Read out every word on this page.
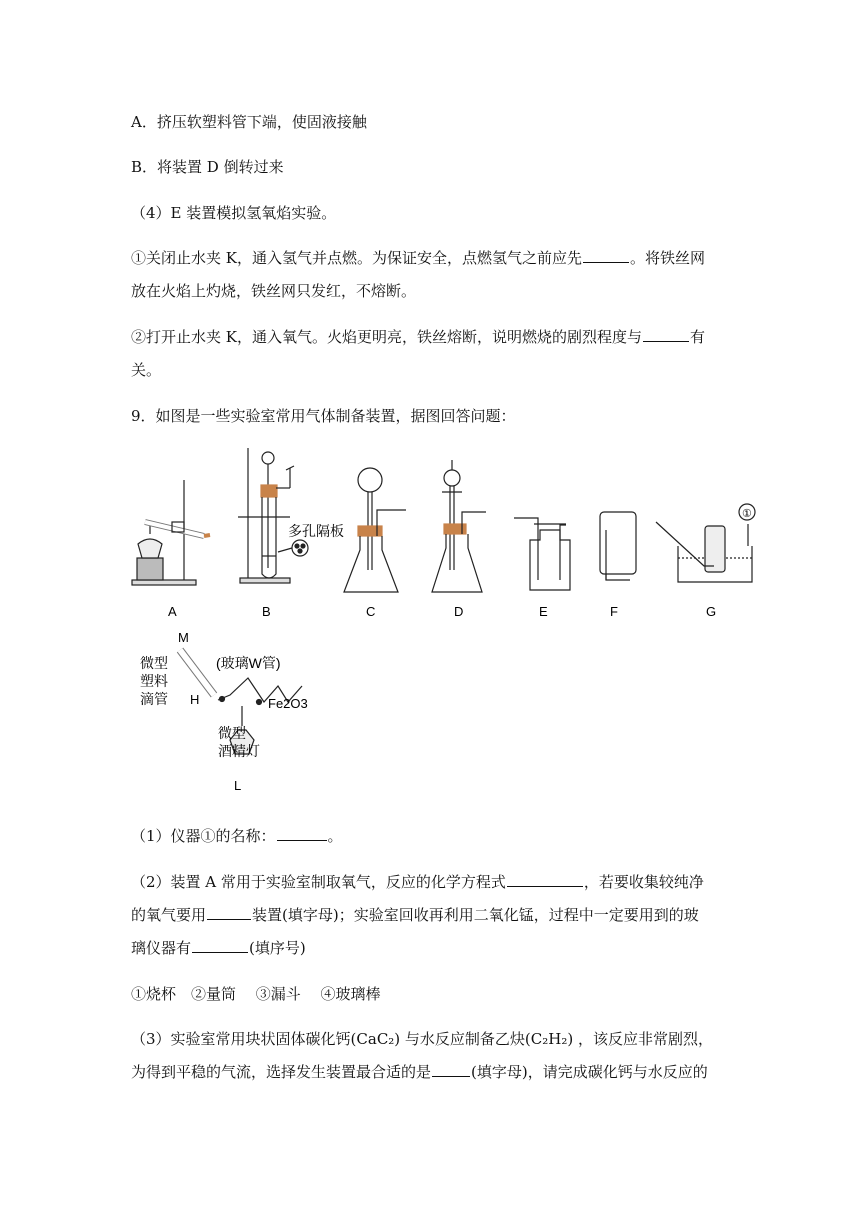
A．挤压软塑料管下端，使固液接触
B．将装置 D 倒转过来
（4）E 装置模拟氢氧焰实验。
①关闭止水夹 K，通入氢气并点燃。为保证安全，点燃氢气之前应先	。将铁丝网
放在火焰上灼烧，铁丝网只发红，不熔断。
②打开止水夹 K，通入氧气。火焰更明亮，铁丝熔断，说明燃烧的剧烈程度与	有
关。
9．如图是一些实验室常用气体制备装置，据图回答问题：
A	B	C	D	E	F	G
多孔隔板
①
M
微型
塑料
滴管 H
(玻璃W管)
Fe2O3
微型
酒精灯
L
（1）仪器①的名称：	。
（2）装置 A 常用于实验室制取氧气，反应的化学方程式	，若要收集较纯净
的氧气要用	装置(填字母)；实验室回收再利用二氧化锰，过程中一定要用到的玻
璃仪器有	(填序号)
①烧杯　②量筒　 ③漏斗　 ④玻璃棒
（3）实验室常用块状固体碳化钙(CaC₂) 与水反应制备乙炔(C₂H₂) ，该反应非常剧烈，
为得到平稳的气流，选择发生装置最合适的是	(填字母)，请完成碳化钙与水反应的
